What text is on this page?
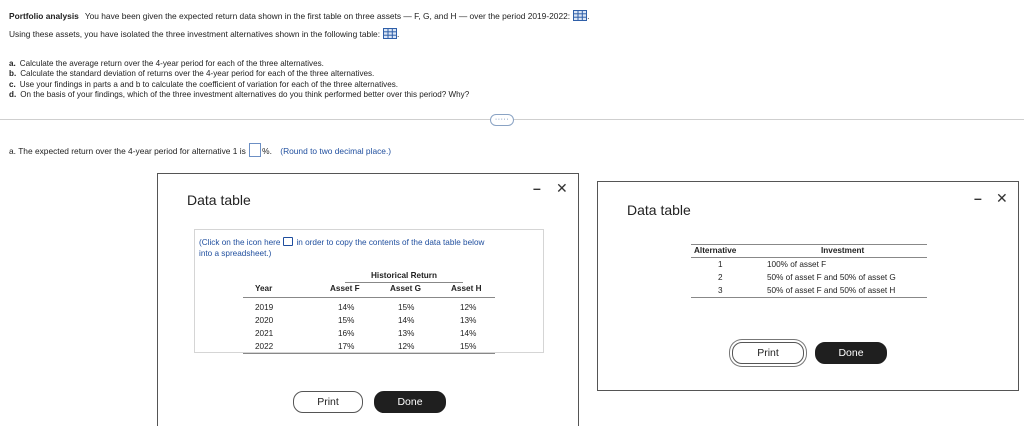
Portfolio analysis You have been given the expected return data shown in the first table on three assets — F, G, and H — over the period 2019-2022: .
Using these assets, you have isolated the three investment alternatives shown in the following table: .
a. Calculate the average return over the 4-year period for each of the three alternatives.
b. Calculate the standard deviation of returns over the 4-year period for each of the three alternatives.
c. Use your findings in parts a and b to calculate the coefficient of variation for each of the three alternatives.
d. On the basis of your findings, which of the three investment alternatives do you think performed better over this period? Why?
·····
a. The expected return over the 4-year period for alternative 1 is %. (Round to two decimal place.)
Data table
– ✕
(Click on the icon here in order to copy the contents of the data table below
into a spreadsheet.)
Historical Return
Year	Asset F	Asset G	Asset H
2019	14%	15%	12%
2020	15%	14%	13%
2021	16%	13%	14%
2022	17%	12%	15%
Print	Done
Data table
– ✕
Alternative	Investment
1	100% of asset F
2	50% of asset F and 50% of asset G
3	50% of asset F and 50% of asset H
Print	Done
